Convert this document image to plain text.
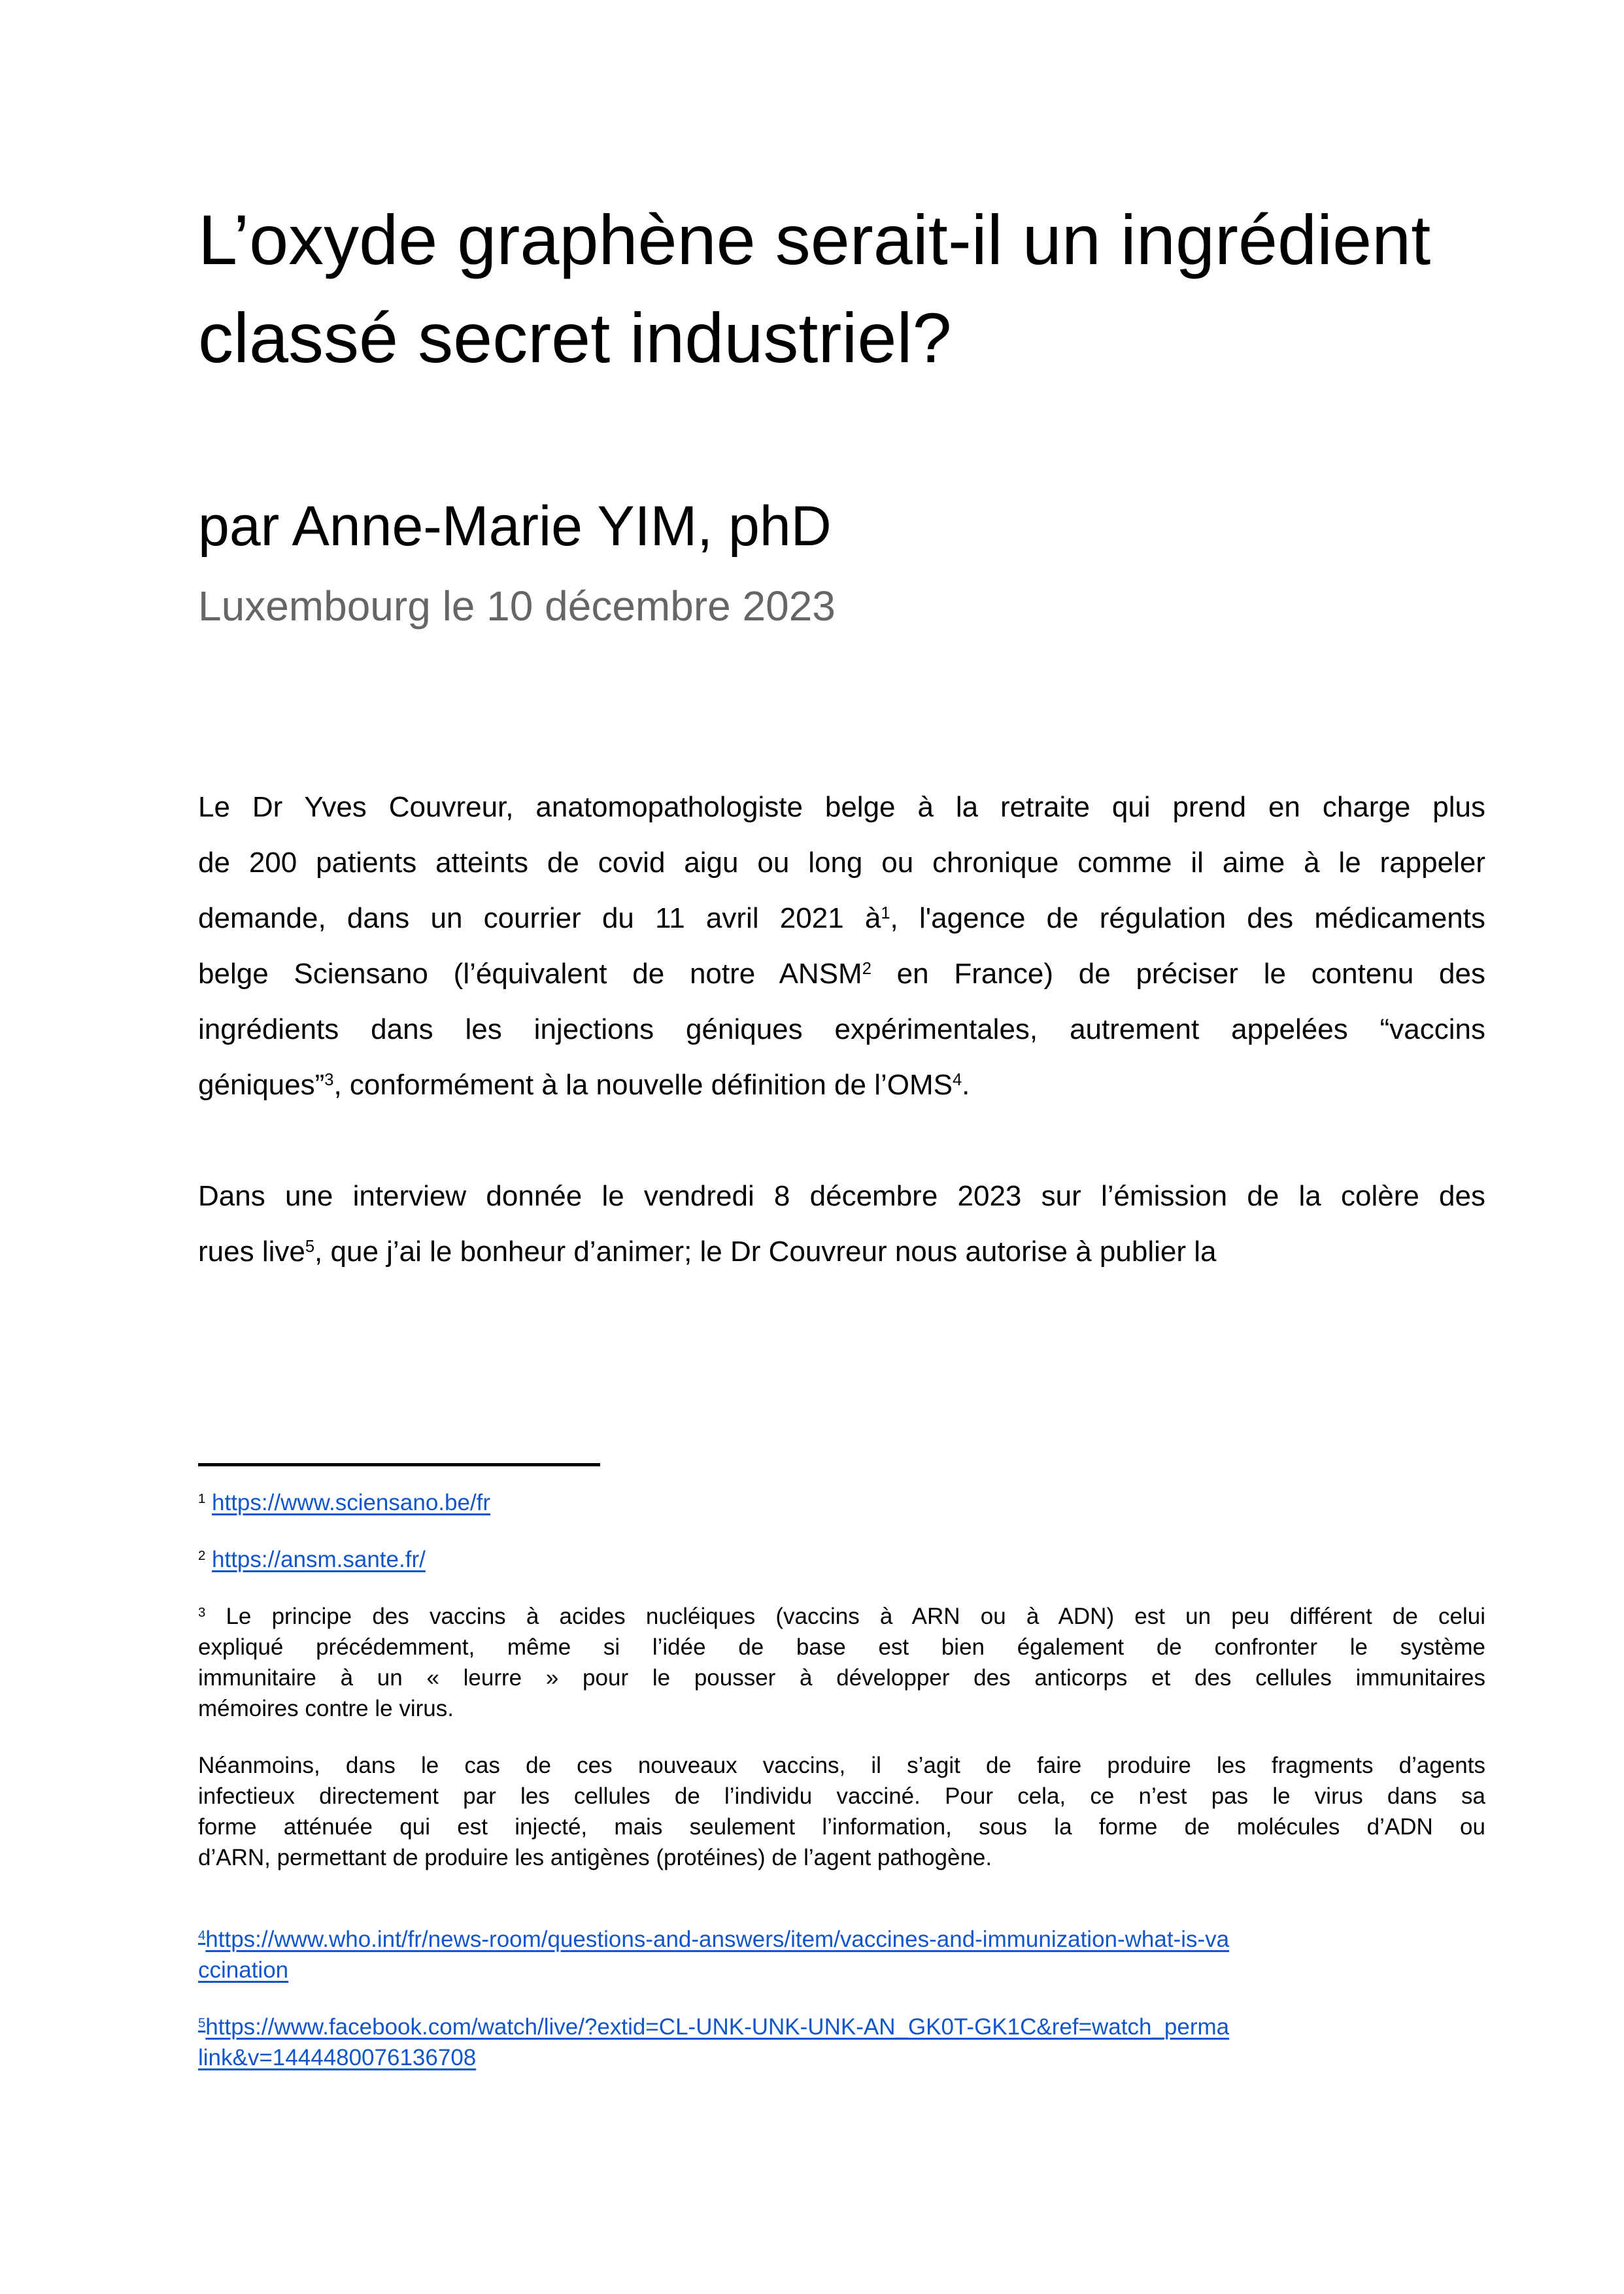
L’oxyde graphène serait-il un ingrédient
classé secret industriel?
par Anne-Marie YIM, phD
Luxembourg le 10 décembre 2023
Le Dr Yves Couvreur, anatomopathologiste belge à la retraite qui prend en charge plus
de 200 patients atteints de covid aigu ou long ou chronique comme il aime à le rappeler
demande, dans un courrier du 11 avril 2021 $à^1$, l'agence de régulation des médicaments
belge Sciensano (l’équivalent de notre ANSM$^2$ en France) de préciser le contenu des
ingrédients dans les injections géniques expérimentales, autrement appelées “vaccins
géniques”$^3$, conformément à la nouvelle définition de l’OMS$^4$.
Dans une interview donnée le vendredi 8 décembre 2023 sur l’émission de la colère des
rues live$^5$, que j’ai le bonheur d’animer; le Dr Couvreur nous autorise à publier la
$^1$ https://www.sciensano.be/fr
$^2$ https://ansm.sante.fr/
$^3$ Le principe des vaccins à acides nucléiques (vaccins à ARN ou à ADN) est un peu différent de celui
expliqué précédemment, même si l’idée de base est bien également de confronter le système
immunitaire à un « leurre » pour le pousser à développer des anticorps et des cellules immunitaires
mémoires contre le virus.
Néanmoins, dans le cas de ces nouveaux vaccins, il s’agit de faire produire les fragments d’agents
infectieux directement par les cellules de l’individu vacciné. Pour cela, ce n’est pas le virus dans sa
forme atténuée qui est injecté, mais seulement l’information, sous la forme de molécules d’ADN ou
d’ARN, permettant de produire les antigènes (protéines) de l’agent pathogène.
$^4$https://www.who.int/fr/news-room/questions-and-answers/item/vaccines-and-immunization-what-is-va
ccination
$^5$https://www.facebook.com/watch/live/?extid=CL-UNK-UNK-UNK-AN_GK0T-GK1C&ref=watch_perma
link&v=1444480076136708
